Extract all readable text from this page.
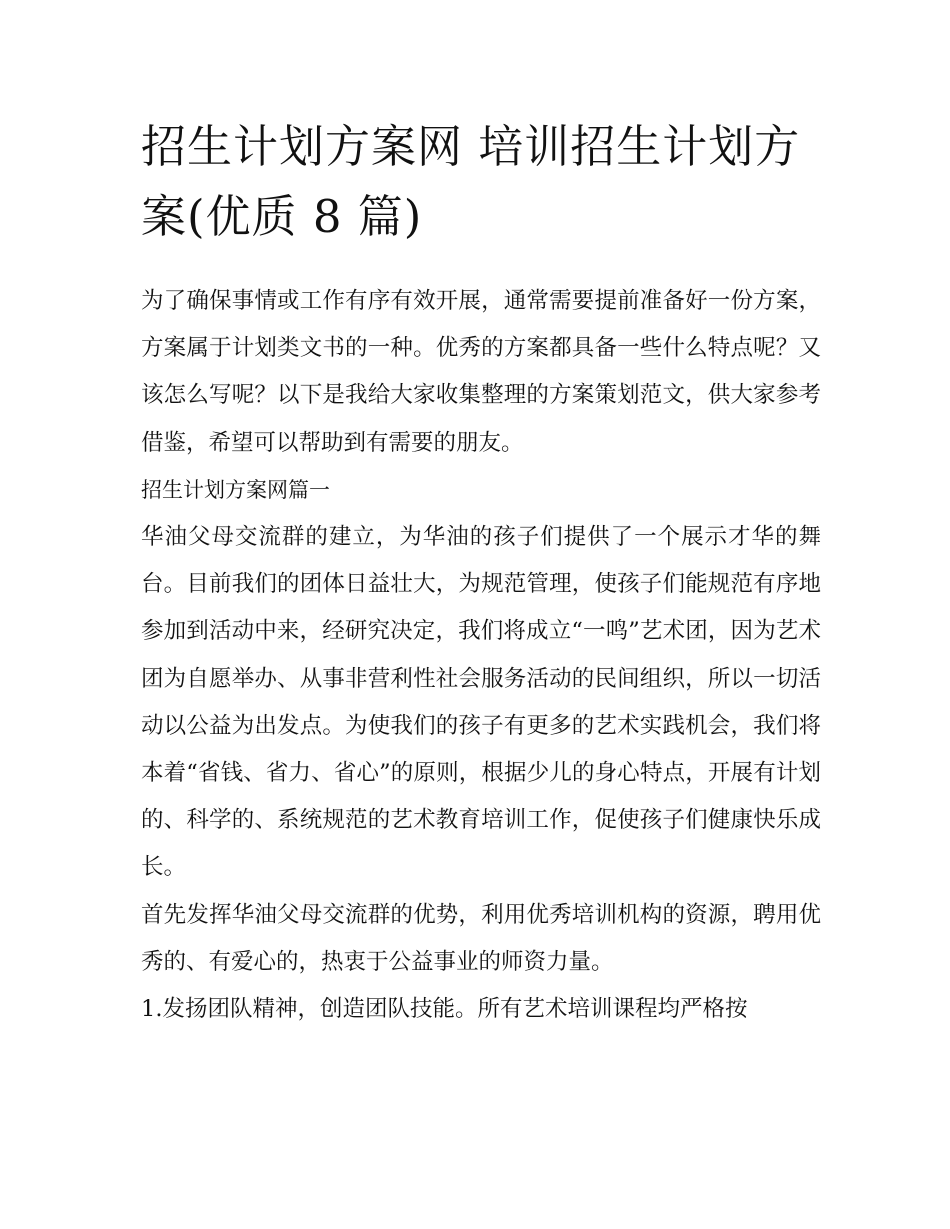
招生计划方案网 培训招生计划方案(优质 8 篇)

为了确保事情或工作有序有效开展，通常需要提前准备好一份方案，方案属于计划类文书的一种。优秀的方案都具备一些什么特点呢？又该怎么写呢？以下是我给大家收集整理的方案策划范文，供大家参考借鉴，希望可以帮助到有需要的朋友。

招生计划方案网篇一

华油父母交流群的建立，为华油的孩子们提供了一个展示才华的舞台。目前我们的团体日益壮大，为规范管理，使孩子们能规范有序地参加到活动中来，经研究决定，我们将成立“一鸣”艺术团，因为艺术团为自愿举办、从事非营利性社会服务活动的民间组织，所以一切活动以公益为出发点。为使我们的孩子有更多的艺术实践机会，我们将本着“省钱、省力、省心”的原则，根据少儿的身心特点，开展有计划的、科学的、系统规范的艺术教育培训工作，促使孩子们健康快乐成长。

首先发挥华油父母交流群的优势，利用优秀培训机构的资源，聘用优秀的、有爱心的，热衷于公益事业的师资力量。

1.发扬团队精神，创造团队技能。所有艺术培训课程均严格按
